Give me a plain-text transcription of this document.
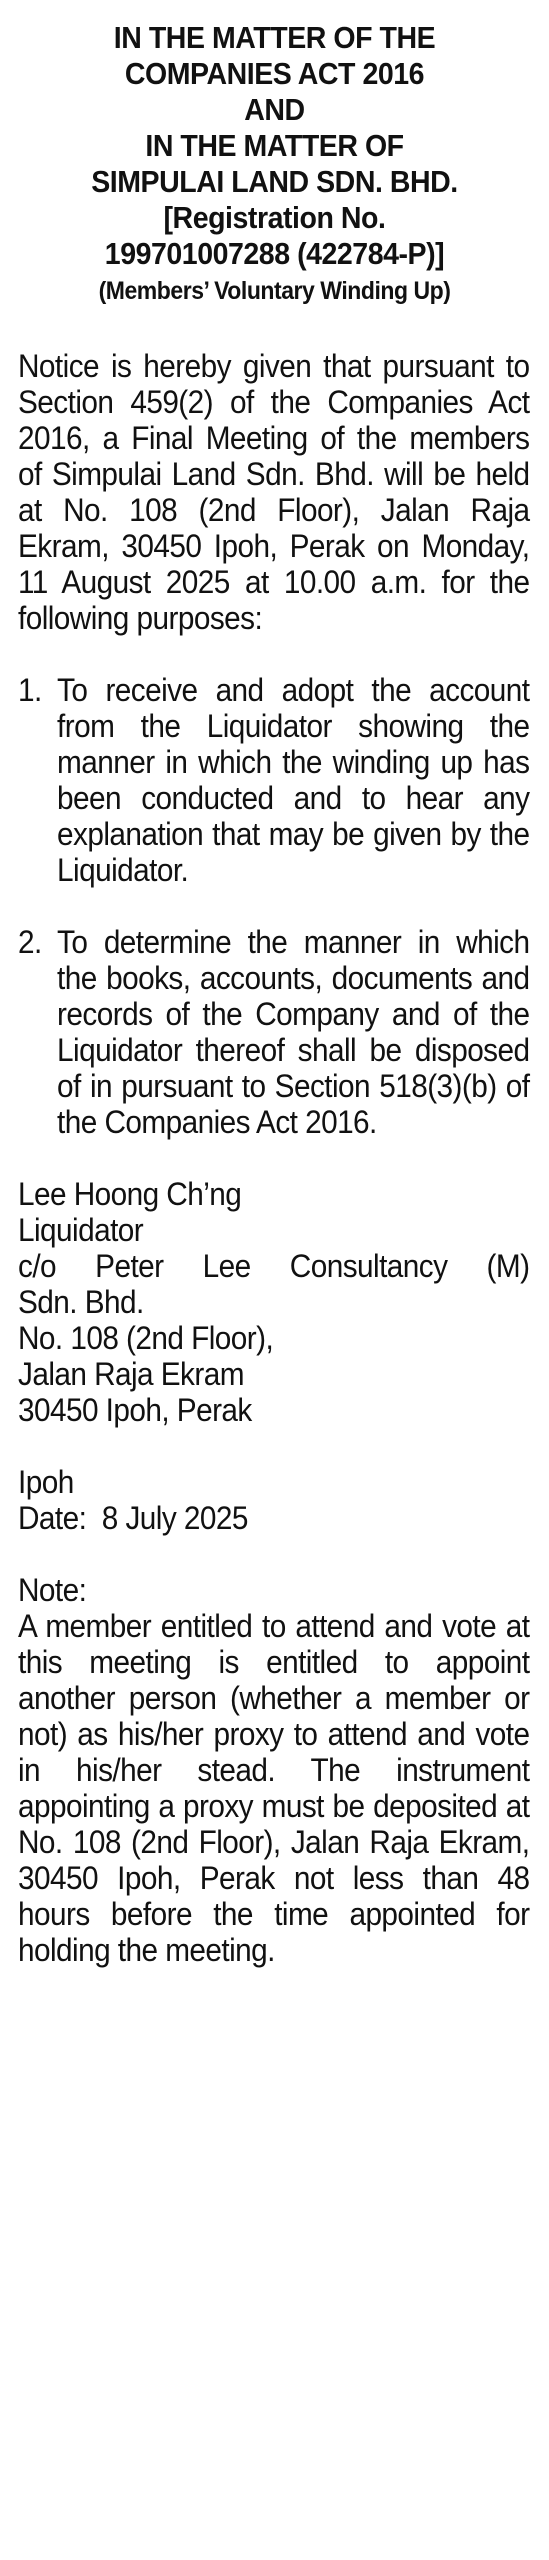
IN THE MATTER OF THE
COMPANIES ACT 2016
AND
IN THE MATTER OF
SIMPULAI LAND SDN. BHD.
[Registration No.
199701007288 (422784-P)]
(Members’ Voluntary Winding Up)

Notice is hereby given that pursuant to Section 459(2) of the Companies Act 2016, a Final Meeting of the members of Simpulai Land Sdn. Bhd. will be held at No. 108 (2nd Floor), Jalan Raja Ekram, 30450 Ipoh, Perak on Monday, 11 August 2025 at 10.00 a.m. for the following purposes:

1. To receive and adopt the account from the Liquidator showing the manner in which the winding up has been conducted and to hear any explanation that may be given by the Liquidator.
2. To determine the manner in which the books, accounts, documents and records of the Company and of the Liquidator thereof shall be disposed of in pursuant to Section 518(3)(b) of the Companies Act 2016.
Lee Hoong Ch’ng
Liquidator
c/o Peter Lee Consultancy (M)
Sdn. Bhd.
No. 108 (2nd Floor),
Jalan Raja Ekram
30450 Ipoh, Perak
Ipoh
Date:  8 July 2025
Note:

A member entitled to attend and vote at this meeting is entitled to appoint another person (whether a member or not) as his/her proxy to attend and vote in his/her stead. The instrument appointing a proxy must be deposited at No. 108 (2nd Floor), Jalan Raja Ekram, 30450 Ipoh, Perak not less than 48 hours before the time appointed for holding the meeting.
